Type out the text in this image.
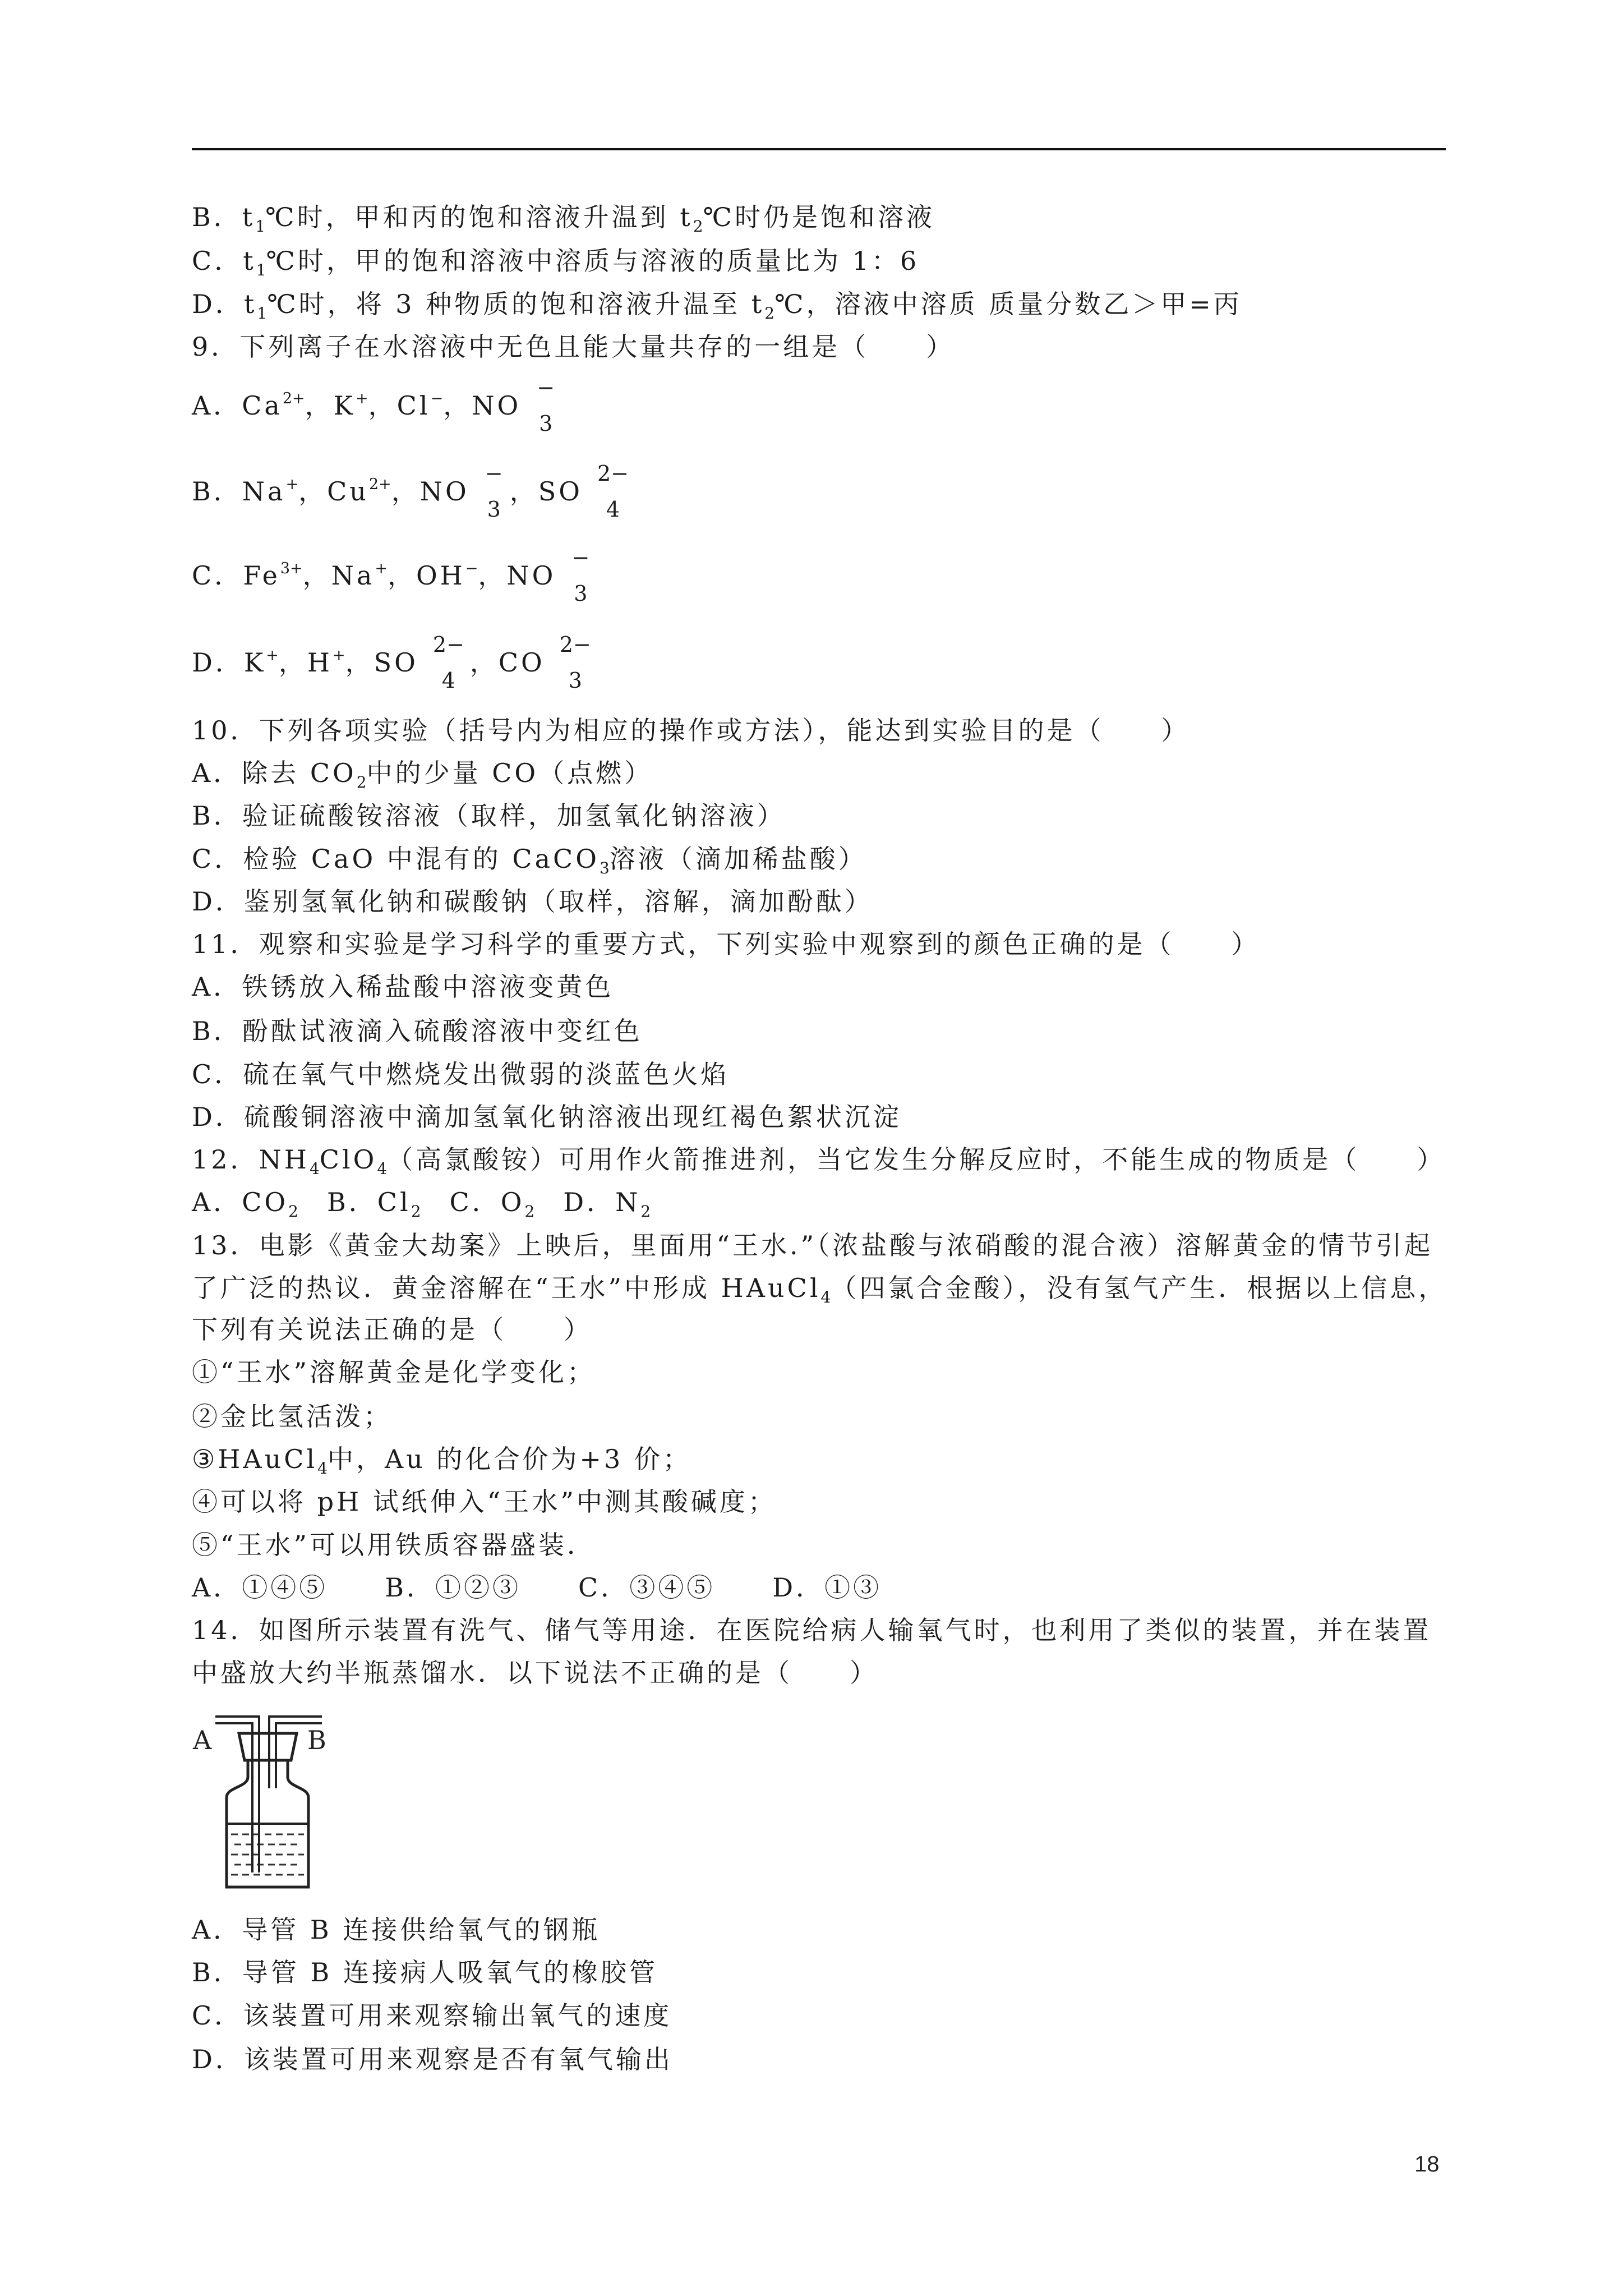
B．$t_1℃$时，甲和丙的饱和溶液升温到 $t_2℃$时仍是饱和溶液
C．$t_1℃$时，甲的饱和溶液中溶质与溶液的质量比为 1：6
D．$t_1℃$时，将 3 种物质的饱和溶液升温至 $t_2℃$，溶液中溶质 质量分数乙＞甲=丙
9．下列离子在水溶液中无色且能大量共存的一组是（　　）
A．$Ca^{2+}$，K+，Cl−，NO
−
3
B．Na+，$Cu^{2+}$，NO
−
3
，SO
2−
4
C．$Fe^{3+}$，Na+，OH−，NO
−
3
D．K+，H+，SO
2−
4
，CO
2−
3
10．下列各项实验（括号内为相应的操作或方法），能达到实验目的是（　　）
A．除去 $CO_2$中的少量 CO（点燃）
B．验证硫酸铵溶液（取样，加氢氧化钠溶液）
C．检验 CaO 中混有的 CaCO$_3$溶液（滴加稀盐酸）
D．鉴别氢氧化钠和碳酸钠（取样，溶解，滴加酚酞）
11．观察和实验是学习科学的重要方式，下列实验中观察到的颜色正确的是（　　）
A．铁锈放入稀盐酸中溶液变黄色
B．酚酞试液滴入硫酸溶液中变红色
C．硫在氧气中燃烧发出微弱的淡蓝色火焰
D．硫酸铜溶液中滴加氢氧化钠溶液出现红褐色絮状沉淀
12．$NH_4ClO_4$（高氯酸铵）可用作火箭推进剂，当它发生分解反应时，不能生成的物质是（　　）
A．$CO_2$　B．$Cl_2$　C．$O_2$　D．$N_2$
13．电影《黄金大劫案》上映后，里面用“王水.”（浓盐酸与浓硝酸的混合液）溶解黄金的情节引起
了广泛的热议．黄金溶解在“王水”中形成 HAuCl$_4$（四氯合金酸），没有氢气产生．根据以上信息，
下列有关说法正确的是（　　）
①“王水”溶解黄金是化学变化；
②金比氢活泼；
③HAuCl$_4$中，Au 的化合价为+3 价；
④可以将 pH 试纸伸入“王水”中测其酸碱度；
⑤“王水”可以用铁质容器盛装．
A．①④⑤　　B．①②③　　C．③④⑤　　D．①③
14．如图所示装置有洗气、储气等用途．在医院给病人输氧气时，也利用了类似的装置，并在装置
中盛放大约半瓶蒸馏水．以下说法不正确的是（　　）
A	B
A．导管 B 连接供给氧气的钢瓶
B．导管 B 连接病人吸氧气的橡胶管
C．该装置可用来观察输出氧气的速度
D．该装置可用来观察是否有氧气输出
18
